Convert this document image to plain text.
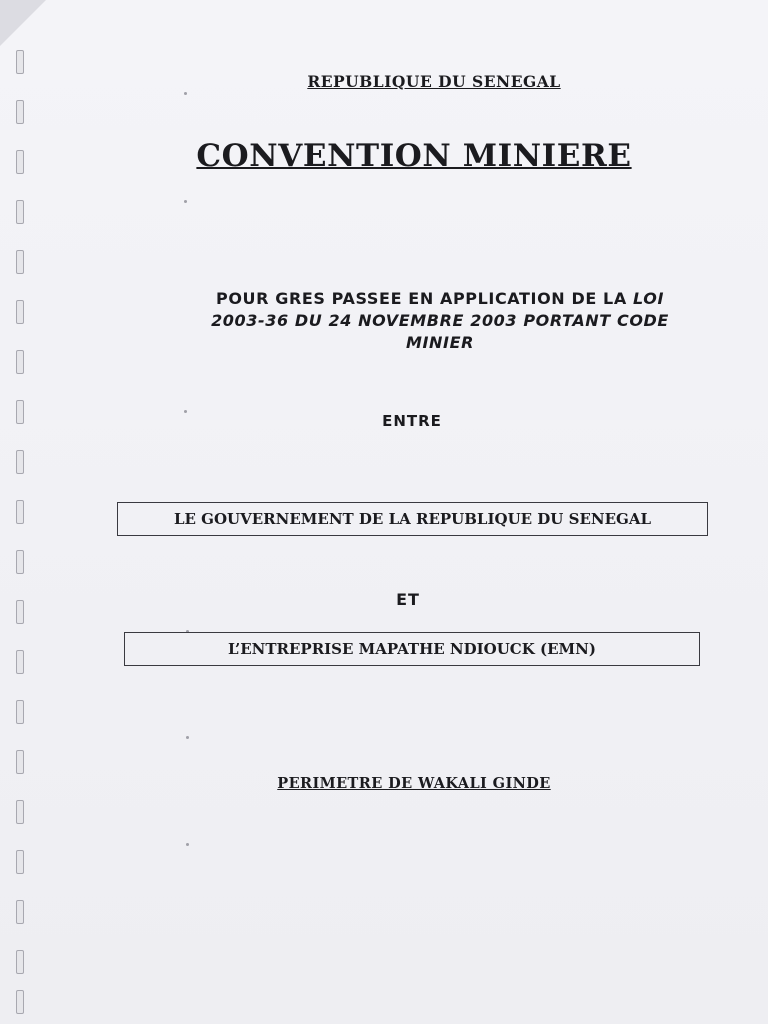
REPUBLIQUE DU SENEGAL
CONVENTION MINIERE
POUR GRES PASSEE EN APPLICATION DE LA LOI
2003-36 DU 24 NOVEMBRE 2003 PORTANT CODE
MINIER
ENTRE
LE GOUVERNEMENT DE LA REPUBLIQUE DU SENEGAL
ET
L’ENTREPRISE MAPATHE NDIOUCK (EMN)
PERIMETRE DE WAKALI GINDE
